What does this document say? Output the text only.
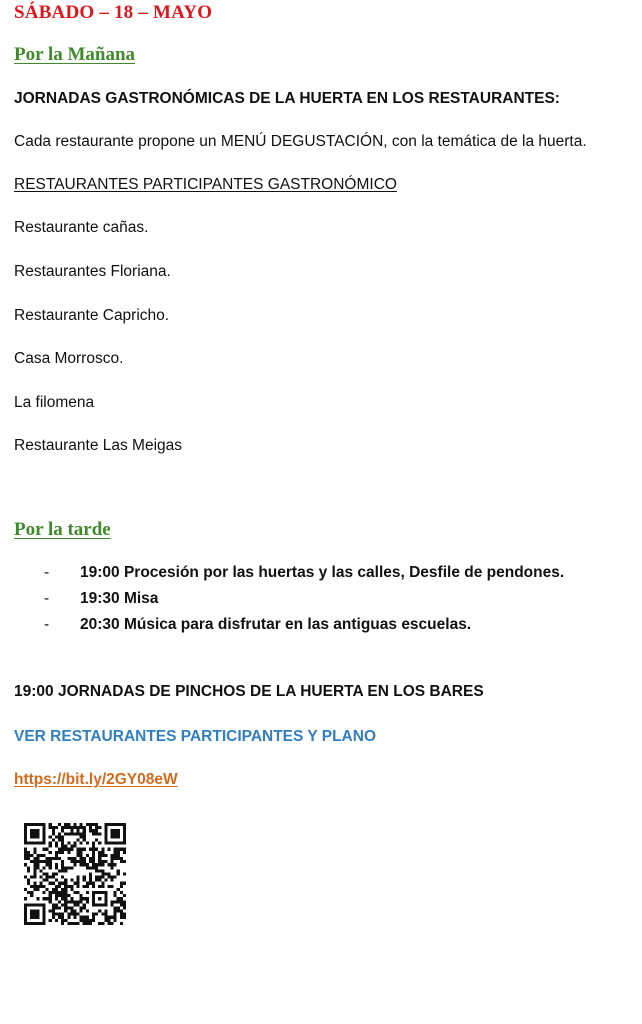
SÁBADO – 18 – MAYO
Por la Mañana
JORNADAS GASTRONÓMICAS DE LA HUERTA EN LOS RESTAURANTES:
Cada restaurante propone un MENÚ DEGUSTACIÓN, con la temática de la huerta.
RESTAURANTES PARTICIPANTES GASTRONÓMICO
Restaurante cañas.
Restaurantes Floriana.
Restaurante Capricho.
Casa Morrosco.
La filomena
Restaurante Las Meigas
Por la tarde
- 19:00 Procesión por las huertas y las calles, Desfile de pendones.
- 19:30 Misa
- 20:30 Música para disfrutar en las antiguas escuelas.
19:00 JORNADAS DE PINCHOS DE LA HUERTA EN LOS BARES
VER RESTAURANTES PARTICIPANTES Y PLANO
https://bit.ly/2GY08eW
